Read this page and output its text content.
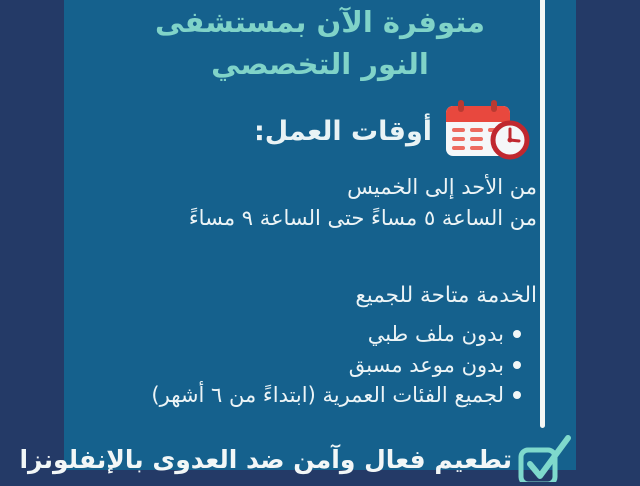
متوفرة الآن بمستشفى
النور التخصصي
أوقات العمل:
من الأحد إلى الخميس
من الساعة ٥ مساءً حتى الساعة ٩ مساءً
الخدمة متاحة للجميع
بدون ملف طبي
بدون موعد مسبق
لجميع الفئات العمرية (ابتداءً من ٦ أشهر)
تطعيم فعال وآمن ضد العدوى بالإنفلونزا
